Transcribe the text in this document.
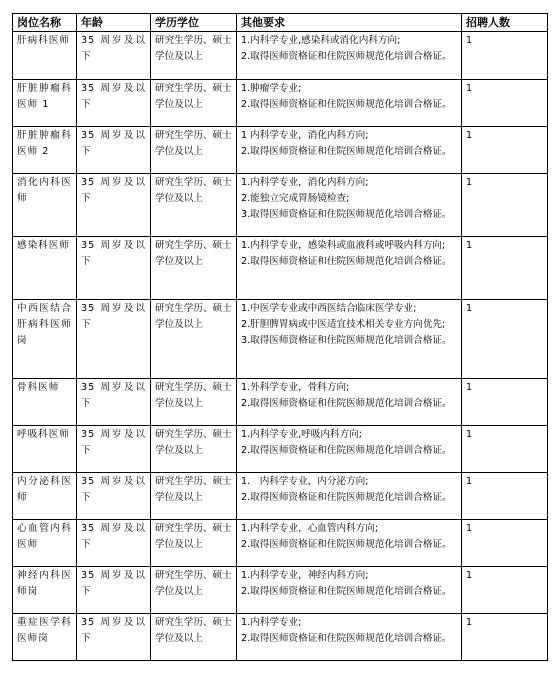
岗位名称	年龄	学历学位	其他要求	招聘人数
肝病科医师	35 周岁及以下	研究生学历、硕士学位及以上	1.内科学专业,感染科或消化内科方向;
2.取得医师资格证和住院医师规范化培训合格证。	1
肝脏肿瘤科医师 1	35 周岁及以下	研究生学历、硕士学位及以上	1.肿瘤学专业;
2.取得医师资格证和住院医师规范化培训合格证。	1
肝脏肿瘤科医师 2	35 周岁及以下	研究生学历、硕士学位及以上	1 内科学专业，消化内科方向;
2.取得医师资格证和住院医师规范化培训合格证。	1
消化内科医师	35 周岁及以下	研究生学历、硕士学位及以上	1.内科学专业，消化内科方向;
2.能独立完成胃肠镜检查;
3.取得医师资格证和住院医师规范化培训合格证。	1
感染科医师	35 周岁及以下	研究生学历、硕士学位及以上	1.内科学专业，感染科或血液科或呼吸内科方向;
2.取得医师资格证和住院医师规范化培训合格证。	1
中西医结合肝病科医师岗	35 周岁及以下	研究生学历、硕士学位及以上	1.中医学专业或中西医结合临床医学专业;
2.肝胆脾胃病或中医适宜技术相关专业方向优先;
3.取得医师资格证和住院医师规范化培训合格证。	1
骨科医师	35 周岁及以下	研究生学历、硕士学位及以上	1.外科学专业，骨科方向;
2.取得医师资格证和住院医师规范化培训合格证。	1
呼吸科医师	35 周岁及以下	研究生学历、硕士学位及以上	1.内科学专业,呼吸内科方向;
2.取得医师资格证和住院医师规范化培训合格证。	1
内分泌科医师	35 周岁及以下	研究生学历、硕士学位及以上	1.　内科学专业，内分泌方向;
2.取得医师资格证和住院医师规范化培训合格证。	1
心血管内科医师	35 周岁及以下	研究生学历、硕士学位及以上	1.内科学专业，心血管内科方向;
2.取得医师资格证和住院医师规范化培训合格证。	1
神经内科医师岗	35 周岁及以下	研究生学历、硕士学位及以上	1.内科学专业，神经内科方向;
2.取得医师资格证和住院医师规范化培训合格证。	1
重症医学科医师岗	35 周岁及以下	研究生学历、硕士学位及以上	1.内科学专业;
2.取得医师资格证和住院医师规范化培训合格证。	1
